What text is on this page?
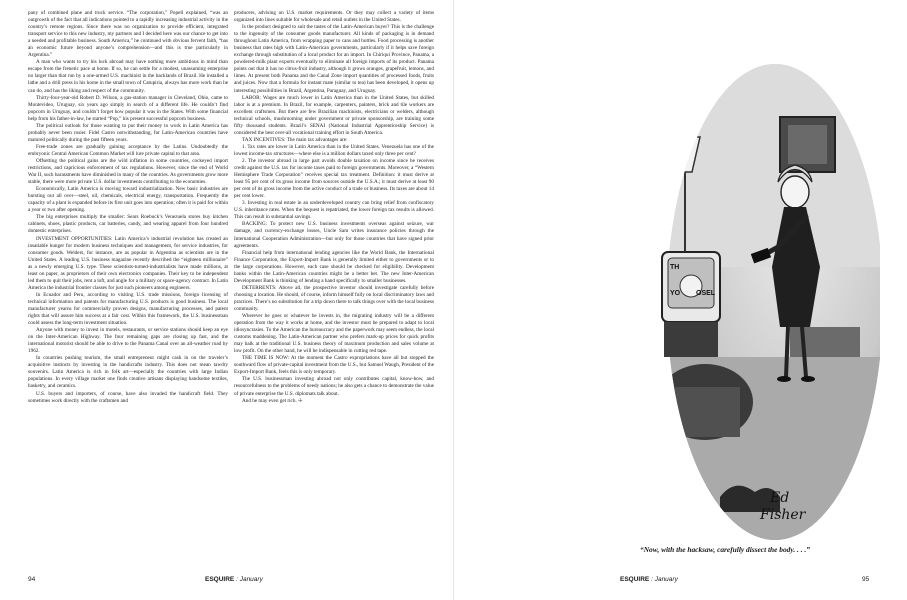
pany of combined plane and truck service. “The corporation,” Popell explained, “was an outgrowth of the fact that all indications pointed to a rapidly increasing industrial activity in the country’s remote regions. Since there was no organization to provide efficient, integrated transport service to this new industry, my partners and I decided here was our chance to get into a needed and profitable business. South America,” he continued with obvious fervent faith, “has an economic future beyond anyone’s comprehension—and this is true particularly in Argentina.”

A man who wants to try his luck abroad may have nothing more ambitious in mind than escape from the frenetic pace at home. If so, he can settle for a modest, unassuming enterprise no larger than that run by a one-armed U.S. machinist in the backlands of Brazil. He installed a lathe and a drill press in his home in the small town of Catupiria, always has more work than he can do, and has the liking and respect of the community.

Thirty-four-year-old Robert D. Wilson, a gas-station manager in Cleveland, Ohio, came to Montevideo, Uruguay, six years ago simply in search of a different life. He couldn’t find popcorn in Uruguay, and couldn’t forget how popular it was in the States. With some financial help from his father-in-law, he started “Pop,” his present successful popcorn business.

The political outlook for those wanting to put their money to work in Latin America has probably never been rosier. Fidel Castro notwithstanding, for Latin-American countries have matured politically during the past fifteen years.

Free-trade zones are gradually gaining acceptance by the Latins. Undoubtedly the embryonic Central American Common Market will lure private capital to that area.

Offsetting the political gains are the wild inflation in some countries, cockeyed import restrictions, and capricious enforcement of tax regulations. However, since the end of World War II, such harassments have diminished in many of the countries. As governments grow more stable, there were more private U.S. dollar investments contributing to the economies.

Economically, Latin America is moving toward industrialization. New basic industries are bursting out all over—steel, oil, chemicals, electrical energy, transportation. Frequently the capacity of a plant is expanded before its first unit goes into operation; often it is paid for within a year or two after opening.

The big enterprises multiply the smaller: Sears Roebuck’s Venezuela stores buy kitchen cabinets, shoes, plastic products, car batteries, candy, and wearing apparel from four hundred domestic enterprises.

INVESTMENT OPPORTUNITIES: Latin America’s industrial revolution has created an insatiable hunger for modern business techniques and management, for service industries, for consumer goods. Welders, for instance, are as popular in Argentina as scientists are in the United States. A leading U.S. business magazine recently described the “eighteen millionaire” as a newly emerging U.S. type. These scientists-turned-industrialists have made millions, at least on paper, as proprietors of their own electronics companies. Their key to be independent led them to quit their jobs, rent a loft, and angle for a military or space-agency contract. In Latin America the industrial frontier classes for just such pioneers among engineers.

In Ecuador and Peru, according to visiting U.S. trade missions, foreign licensing of technical information and patents for manufacturing U.S. products is good business. The local manufacturer yearns for commercially proven designs, manufacturing processes, and patent rights that will assure him success at a fair cost. Within this framework, the U.S. businessman could assess the long-term investment situation.

Anyone with money to invest in motels, restaurants, or service stations should keep an eye on the Inter-American Highway. The four remaining gaps are closing up fast, and the international motorist should be able to drive to the Panama Canal over an all-weather road by 1962.

In countries pushing tourism, the small entrepreneur might cash in on the traveler’s acquisitive instincts by investing in the handicrafts industry. This does not mean tawdry souvenirs. Latin America is rich in folk art—especially the countries with large Indian populations. In every village market one finds creative artisans displaying handsome textiles, basketry, and ceramics.

U.S. buyers and importers, of course, have also invaded the handicraft field. They sometimes work directly with the craftsmen and

producers, advising on U.S. market requirements. Or they may collect a variety of items organized into lines suitable for wholesale and retail outlets in the United States.

Is the product designed to suit the tastes of the Latin-American buyer? This is the challenge to the ingenuity of the consumer goods manufacturer. All kinds of packaging is in demand throughout Latin America, from wrapping paper to cans and bottles. Food processing is another business that rates high with Latin-American governments, particularly if it helps save foreign exchange through substitution of a local product for an import. In Chiriquí Province, Panama, a powdered-milk plant exports eventually to eliminate all foreign imports of its product. Panama points out that it has no citrus-fruit industry, although it grows oranges, grapefruit, lemons, and limes. At present both Panama and the Canal Zone import quantities of processed foods, fruits and juices. Now that a formula for instant mate (similar to tea) has been developed, it opens up interesting possibilities in Brazil, Argentina, Paraguay, and Uruguay.

LABOR: Wages are much lower in Latin America than in the United States, but skilled labor is at a premium. In Brazil, for example, carpenters, painters, brick and tile workers are excellent craftsmen. But there are few Brazilian machinists, electricians or welders, although technical schools, mushrooming under government or private sponsorship, are training some fifty thousand students. Brazil’s SENAI (National Industrial Apprenticeship Service) is considered the best over-all vocational training effort in South America.

TAX INCENTIVES: The main tax advantages are:

1. Tax rates are lower in Latin America than in the United States. Venezuela has one of the lowest income-tax structures—where else is a million dollars taxed only three per cent?

2. The investor abroad in large part avoids double taxation on income since he receives credit against the U.S. tax for income taxes paid to foreign governments. Moreover, a “Western Hemisphere Trade Corporation” receives special tax treatment. Definition: it must derive at least 95 per cent of its gross income from sources outside the U.S.A.; it must derive at least 90 per cent of its gross income from the active conduct of a trade or business. Its taxes are about 14 per cent lower.

3. Investing in real estate in an underdeveloped country can bring relief from confiscatory U.S. inheritance rates. When the bequest is repatriated, the lower foreign tax results is allowed. This can result in substantial savings.

BACKING: To protect new U.S. business investments overseas against seizure, war damage, and currency-exchange losses, Uncle Sam writes insurance policies through the International Cooperation Administration—but only for those countries that have signed prior agreements.

Financial help from international lending agencies like the World Bank, the International Finance Corporation, the Export-Import Bank is generally limited either to governments or to the large corporations. However, each case should be checked for eligibility. Development banks within the Latin-American countries might be a better bet. The new Inter-American Development Bank is thinking of lending a hand specifically to smaller businesses.

DETERRENTS: Above all, the prospective investor should investigate carefully before choosing a location. He should, of course, inform himself fully on local discriminatory laws and practices. There’s no substitution for a trip down there to talk things over with the local business community.

Wherever he goes or whatever he invests in, the migrating industry will be a different operation from the way it works at home, and the investor must be prepared to adapt to local idiosyncrasies. To the American the bureaucracy and the paperwork may seem endless, the local customs maddening. The Latin-American partner who prefers mark-up prices for quick profits may balk at the traditional U.S. business theory of maximum production and sales volume at low profit. On the other hand, he will be indispensable in cutting red tape.

THE TIME IS NOW: At the moment the Castro expropriations have all but stopped the southward flow of private-capital investment from the U.S., but Samuel Waugh, President of the Export-Import Bank, feels this is only temporary.

The U.S. businessman investing abroad not only contributes capital, know-how, and resourcefulness to the problems of needy nations; he also gets a chance to demonstrate the value of private enterprise the U.S. diplomats talk about.

And he may even get rich. ☩

TH
YO OSEL
Ed
Fisher
“Now, with the hacksaw, carefully dissect the body. . . .”
94	ESQUIRE : January	ESQUIRE : January	95
